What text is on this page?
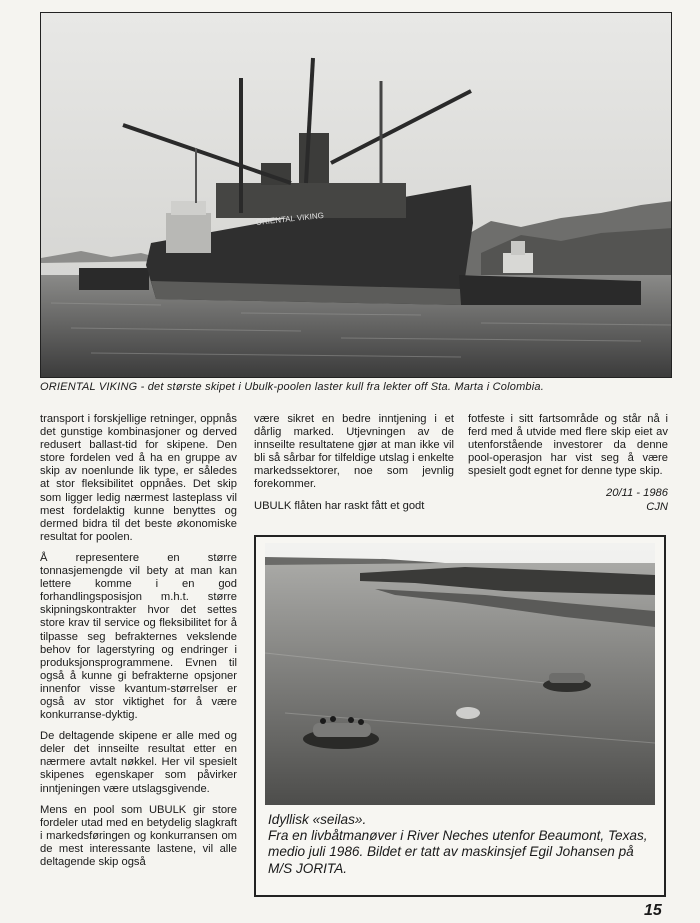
ORIENTAL VIKING
ORIENTAL VIKING - det største skipet i Ubulk-poolen laster kull fra lekter off Sta. Marta i Colombia.

transport i forskjellige retninger, oppnås det gunstige kombinasjoner og derved redusert ballast-tid for skipene. Den store fordelen ved å ha en gruppe av skip av noenlunde lik type, er således at stor fleksibilitet oppnåes. Det skip som ligger ledig nærmest lasteplass vil mest fordelaktig kunne benyttes og dermed bidra til det beste økonomiske resultat for poolen.

Å representere en større tonnasjemengde vil bety at man kan lettere komme i en god forhandlingsposisjon m.h.t. større skipningskontrakter hvor det settes store krav til service og fleksibilitet for å tilpasse seg befrakternes vekslende behov for lagerstyring og endringer i produksjonsprogrammene. Evnen til også å kunne gi befrakterne opsjoner innenfor visse kvantum-størrelser er også av stor viktighet for å være konkurranse-dyktig.

De deltagende skipene er alle med og deler det innseilte resultat etter en nærmere avtalt nøkkel. Her vil spesielt skipenes egenskaper som påvirker inntjeningen være utslagsgivende.

Mens en pool som UBULK gir store fordeler utad med en betydelig slagkraft i markedsføringen og konkurransen om de mest interessante lastene, vil alle deltagende skip også

være sikret en bedre inntjening i et dårlig marked. Utjevningen av de innseilte resultatene gjør at man ikke vil bli så sårbar for tilfeldige utslag i enkelte markedssektorer, noe som jevnlig forekommer.

UBULK flåten har raskt fått et godt

fotfeste i sitt fartsområde og står nå i ferd med å utvide med flere skip eiet av utenforstående investorer da denne pool-operasjon har vist seg å være spesielt godt egnet for denne type skip.

20/11 - 1986
CJN
Idyllisk «seilas».
Fra en livbåtmanøver i River Neches utenfor Beaumont, Texas, medio juli 1986. Bildet er tatt av maskinsjef Egil Johansen på M/S JORITA.
15
